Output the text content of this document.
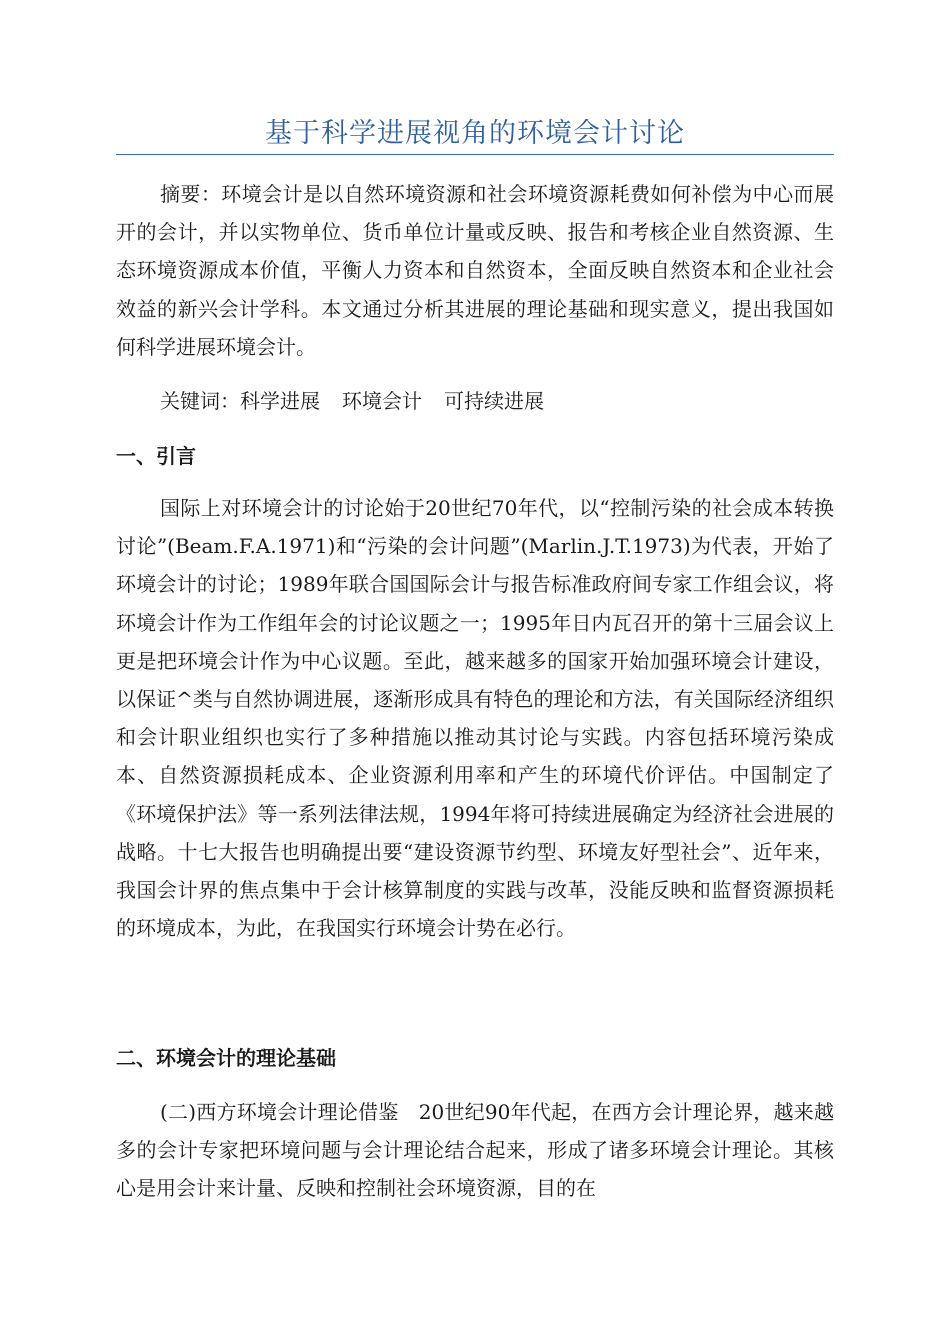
基于科学进展视角的环境会计讨论

摘要：环境会计是以自然环境资源和社会环境资源耗费如何补偿为中心而展开的会计，并以实物单位、货币单位计量或反映、报告和考核企业自然资源、生态环境资源成本价值，平衡人力资本和自然资本，全面反映自然资本和企业社会效益的新兴会计学科。本文通过分析其进展的理论基础和现实意义，提出我国如何科学进展环境会计。

关键词：科学进展 环境会计 可持续进展
一、引言

国际上对环境会计的讨论始于20世纪70年代，以“控制污染的社会成本转换讨论”(Beam.F.A.1971)和“污染的会计问题”(Marlin.J.T.1973)为代表，开始了环境会计的讨论；1989年联合国国际会计与报告标准政府间专家工作组会议，将环境会计作为工作组年会的讨论议题之一；1995年日内瓦召开的第十三届会议上更是把环境会计作为中心议题。至此，越来越多的国家开始加强环境会计建设，以保证^类与自然协调进展，逐渐形成具有特色的理论和方法，有关国际经济组织和会计职业组织也实行了多种措施以推动其讨论与实践。内容包括环境污染成本、自然资源损耗成本、企业资源利用率和产生的环境代价评估。中国制定了《环境保护法》等一系列法律法规，1994年将可持续进展确定为经济社会进展的战略。十七大报告也明确提出要“建设资源节约型、环境友好型社会”、近年来，我国会计界的焦点集中于会计核算制度的实践与改革，没能反映和监督资源损耗的环境成本，为此，在我国实行环境会计势在必行。

二、环境会计的理论基础

(二)西方环境会计理论借鉴　20世纪90年代起，在西方会计理论界，越来越多的会计专家把环境问题与会计理论结合起来，形成了诸多环境会计理论。其核心是用会计来计量、反映和控制社会环境资源，目的在
